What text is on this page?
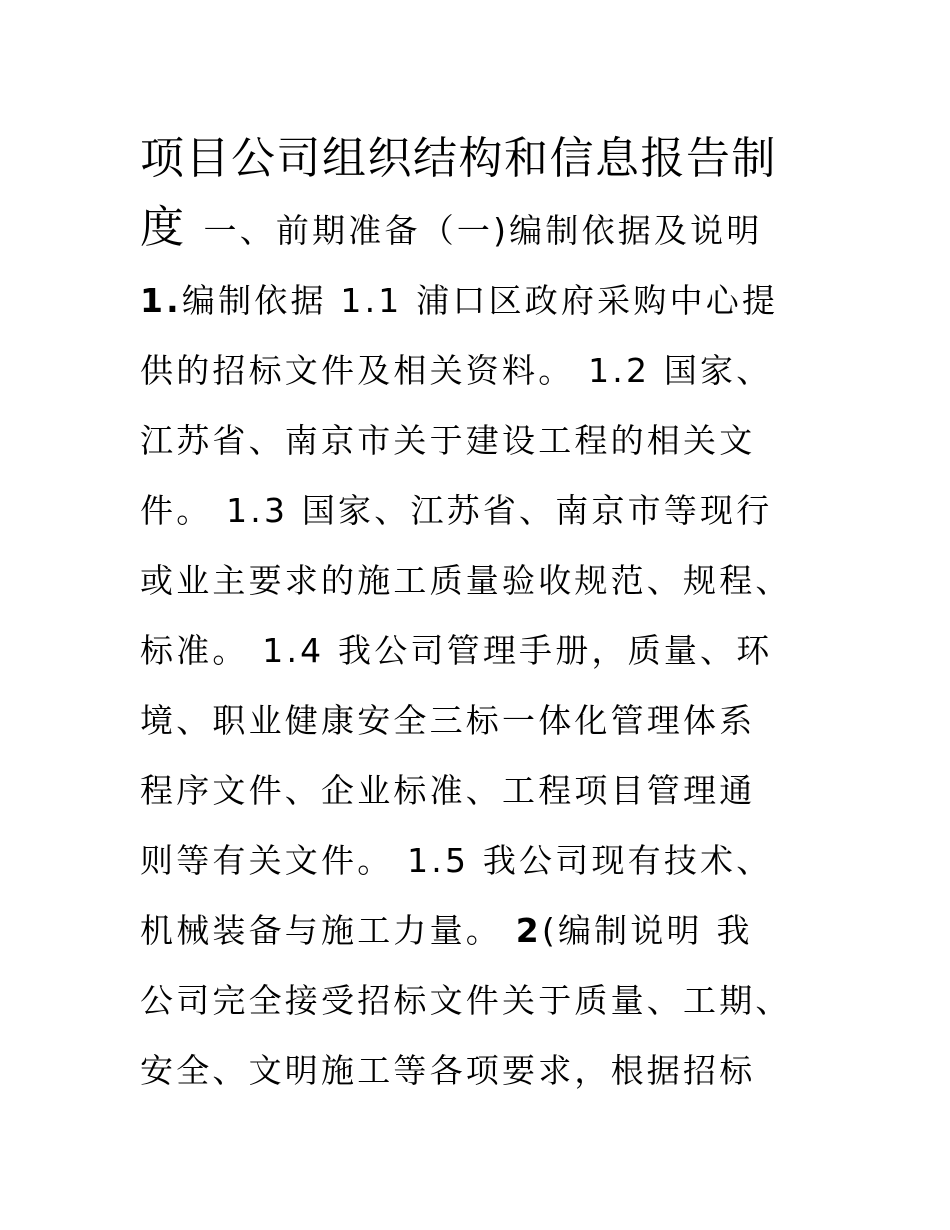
项目公司组织结构和信息报告制
度 一、前期准备（一)编制依据及说明
1.编制依据 1.1 浦口区政府采购中心提
供的招标文件及相关资料。 1.2 国家、
江苏省、南京市关于建设工程的相关文
件。 1.3 国家、江苏省、南京市等现行
或业主要求的施工质量验收规范、规程、
标准。 1.4 我公司管理手册，质量、环
境、职业健康安全三标一体化管理体系
程序文件、企业标准、工程项目管理通
则等有关文件。 1.5 我公司现有技术、
机械装备与施工力量。 2(编制说明 我
公司完全接受招标文件关于质量、工期、
安全、文明施工等各项要求，根据招标
